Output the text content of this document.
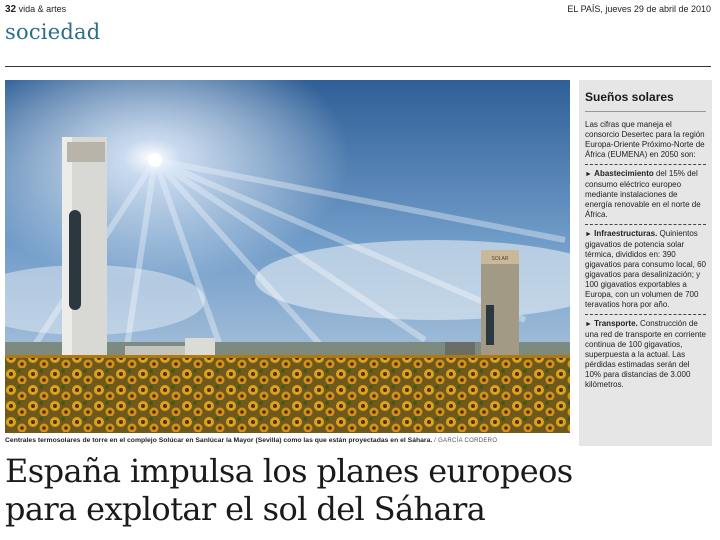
32 vida & artes	EL PAÍS, jueves 29 de abril de 2010
sociedad
SOLAR
Centrales termosolares de torre en el complejo Solúcar en Sanlúcar la Mayor (Sevilla) como las que están proyectadas en el Sáhara. / GARCÍA CORDERO
España impulsa los planes europeos
para explotar el sol del Sáhara
Sueños solares
Las cifras que maneja el consorcio Desertec para la región Europa-Oriente Próximo-Norte de África (EUMENA) en 2050 son:
► Abastecimiento del 15% del consumo eléctrico europeo mediante instalaciones de energía renovable en el norte de África.
► Infraestructuras. Quinientos gigavatios de potencia solar térmica, divididos en: 390 gigavatios para consumo local, 60 gigavatios para desalinización; y 100 gigavatios exportables a Europa, con un volumen de 700 teravatios hora por año.
► Transporte. Construcción de una red de transporte en corriente continua de 100 gigavatios, superpuesta a la actual. Las pérdidas estimadas serán del 10% para distancias de 3.000 kilómetros.
